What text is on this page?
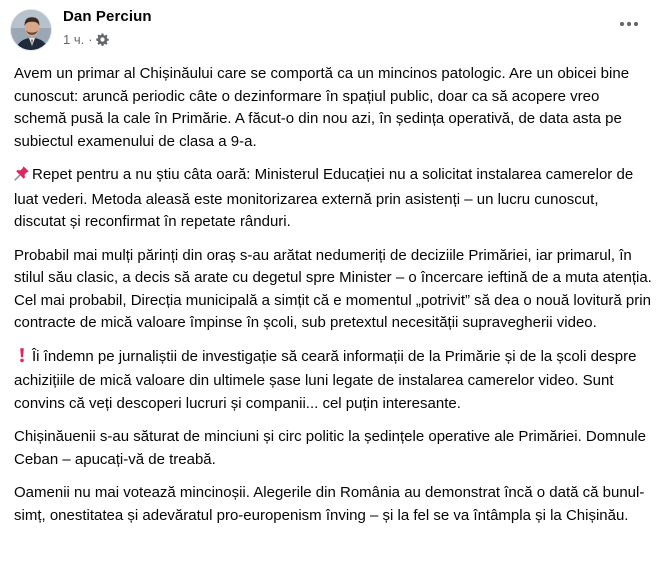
Dan Perciun
1 ч. ·

Avem un primar al Chișinăului care se comportă ca un mincinos patologic. Are un obicei bine cunoscut: aruncă periodic câte o dezinformare în spațiul public, doar ca să acopere vreo schemă pusă la cale în Primărie. A făcut-o din nou azi, în ședința operativă, de data asta pe subiectul examenului de clasa a 9-a.

Repet pentru a nu știu câta oară: Ministerul Educației nu a solicitat instalarea camerelor de luat vederi. Metoda aleasă este monitorizarea externă prin asistenți – un lucru cunoscut, discutat și reconfirmat în repetate rânduri.

Probabil mai mulți părinți din oraș s-au arătat nedumeriți de deciziile Primăriei, iar primarul, în stilul său clasic, a decis să arate cu degetul spre Minister – o încercare ieftină de a muta atenția. Cel mai probabil, Direcția municipală a simțit că e momentul „potrivit” să dea o nouă lovitură prin contracte de mică valoare împinse în școli, sub pretextul necesității supravegherii video.

Îi îndemn pe jurnaliștii de investigație să ceară informații de la Primărie și de la școli despre achizițiile de mică valoare din ultimele șase luni legate de instalarea camerelor video. Sunt convins că veți descoperi lucruri și companii... cel puțin interesante.

Chișinăuenii s-au săturat de minciuni și circ politic la ședințele operative ale Primăriei. Domnule Ceban – apucați-vă de treabă.

Oamenii nu mai votează mincinoșii. Alegerile din România au demonstrat încă o dată că bunul-simț, onestitatea și adevăratul pro-europenism înving – și la fel se va întâmpla și la Chișinău.
